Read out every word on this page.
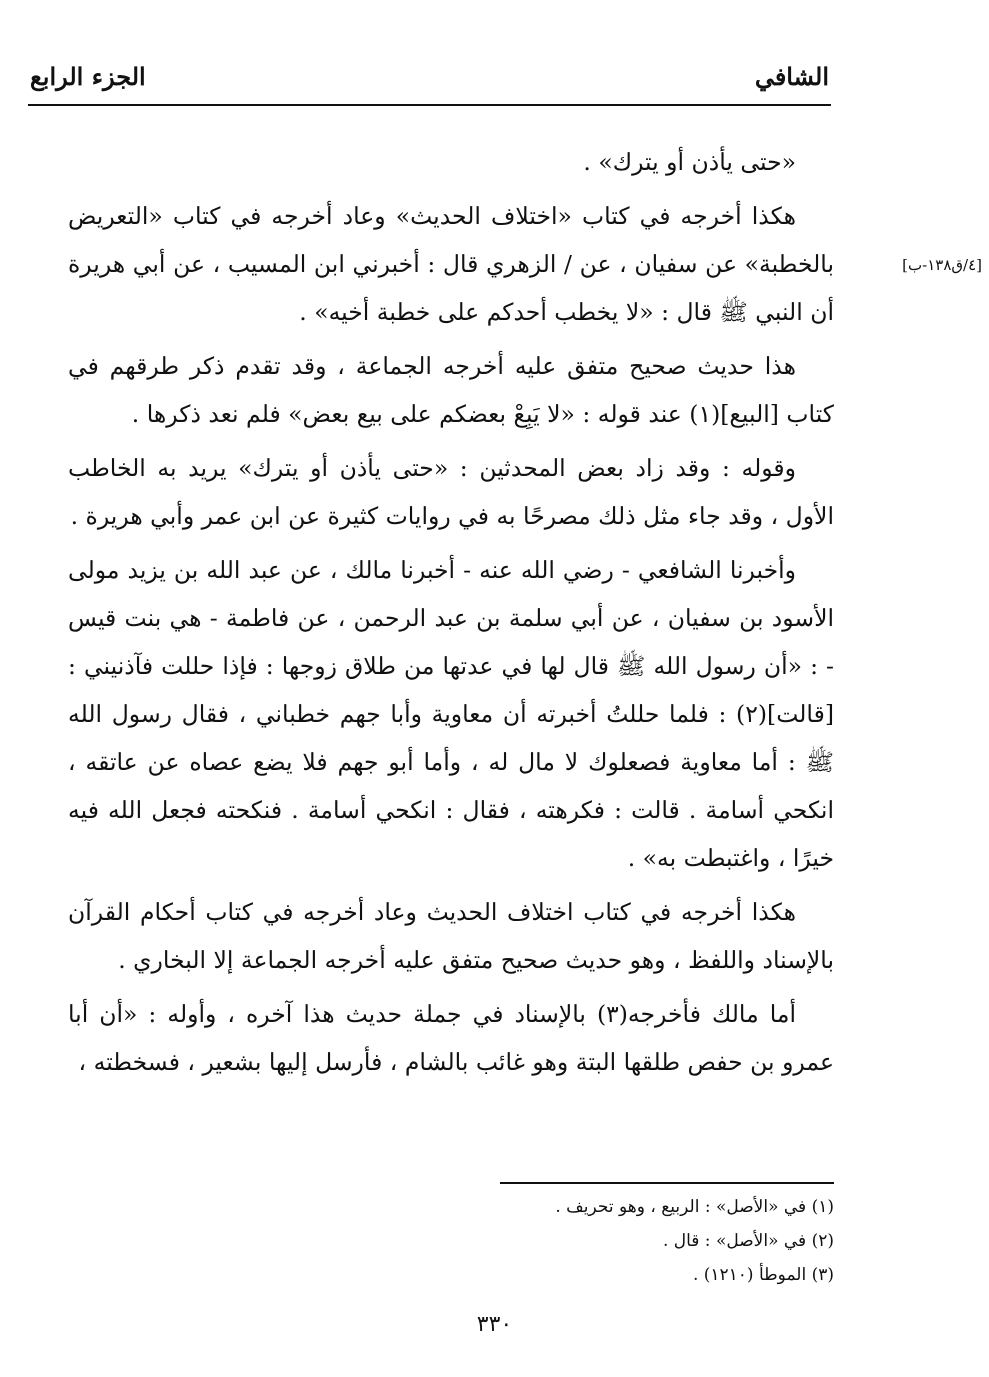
الشافي
الجزء الرابع
[٤/ق١٣٨-ب]

«حتى يأذن أو يترك» .

هكذا أخرجه في كتاب «اختلاف الحديث» وعاد أخرجه في كتاب «التعريض بالخطبة» عن سفيان ، عن / الزهري قال : أخبرني ابن المسيب ، عن أبي هريرة أن النبي ﷺ قال : «لا يخطب أحدكم على خطبة أخيه» .

هذا حديث صحيح متفق عليه أخرجه الجماعة ، وقد تقدم ذكر طرقهم في كتاب [البيع](١) عند قوله : «لا يَبِعْ بعضكم على بيع بعض» فلم نعد ذكرها .

وقوله : وقد زاد بعض المحدثين : «حتى يأذن أو يترك» يريد به الخاطب الأول ، وقد جاء مثل ذلك مصرحًا به في روايات كثيرة عن ابن عمر وأبي هريرة .

وأخبرنا الشافعي - رضي الله عنه - أخبرنا مالك ، عن عبد الله بن يزيد مولى الأسود بن سفيان ، عن أبي سلمة بن عبد الرحمن ، عن فاطمة - هي بنت قيس - : «أن رسول الله ﷺ قال لها في عدتها من طلاق زوجها : فإذا حللت فآذنيني : [قالت](٢) : فلما حللتُ أخبرته أن معاوية وأبا جهم خطباني ، فقال رسول الله ﷺ : أما معاوية فصعلوك لا مال له ، وأما أبو جهم فلا يضع عصاه عن عاتقه ، انكحي أسامة . قالت : فكرهته ، فقال : انكحي أسامة . فنكحته فجعل الله فيه خيرًا ، واغتبطت به» .

هكذا أخرجه في كتاب اختلاف الحديث وعاد أخرجه في كتاب أحكام القرآن بالإسناد واللفظ ، وهو حديث صحيح متفق عليه أخرجه الجماعة إلا البخاري .

أما مالك فأخرجه(٣) بالإسناد في جملة حديث هذا آخره ، وأوله : «أن أبا عمرو بن حفص طلقها البتة وهو غائب بالشام ، فأرسل إليها بشعير ، فسخطته ،

(١) في «الأصل» : الربيع ، وهو تحريف .
(٢) في «الأصل» : قال .
(٣) الموطأ (١٢١٠) .
٣٣٠
